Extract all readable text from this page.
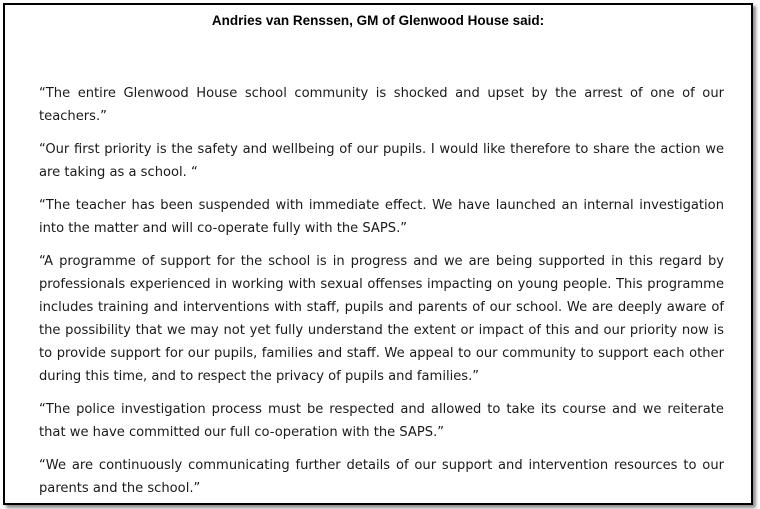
Andries van Renssen, GM of Glenwood House said:

“The entire Glenwood House school community is shocked and upset by the arrest of one of our teachers.”

“Our first priority is the safety and wellbeing of our pupils. I would like therefore to share the action we are taking as a school. “

“The teacher has been suspended with immediate effect. We have launched an internal investigation into the matter and will co-operate fully with the SAPS.”

“A programme of support for the school is in progress and we are being supported in this regard by professionals experienced in working with sexual offenses impacting on young people. This programme includes training and interventions with staff, pupils and parents of our school. We are deeply aware of the possibility that we may not yet fully understand the extent or impact of this and our priority now is to provide support for our pupils, families and staff. We appeal to our community to support each other during this time, and to respect the privacy of pupils and families.”

“The police investigation process must be respected and allowed to take its course and we reiterate that we have committed our full co-operation with the SAPS.”

“We are continuously communicating further details of our support and intervention resources to our parents and the school.”
